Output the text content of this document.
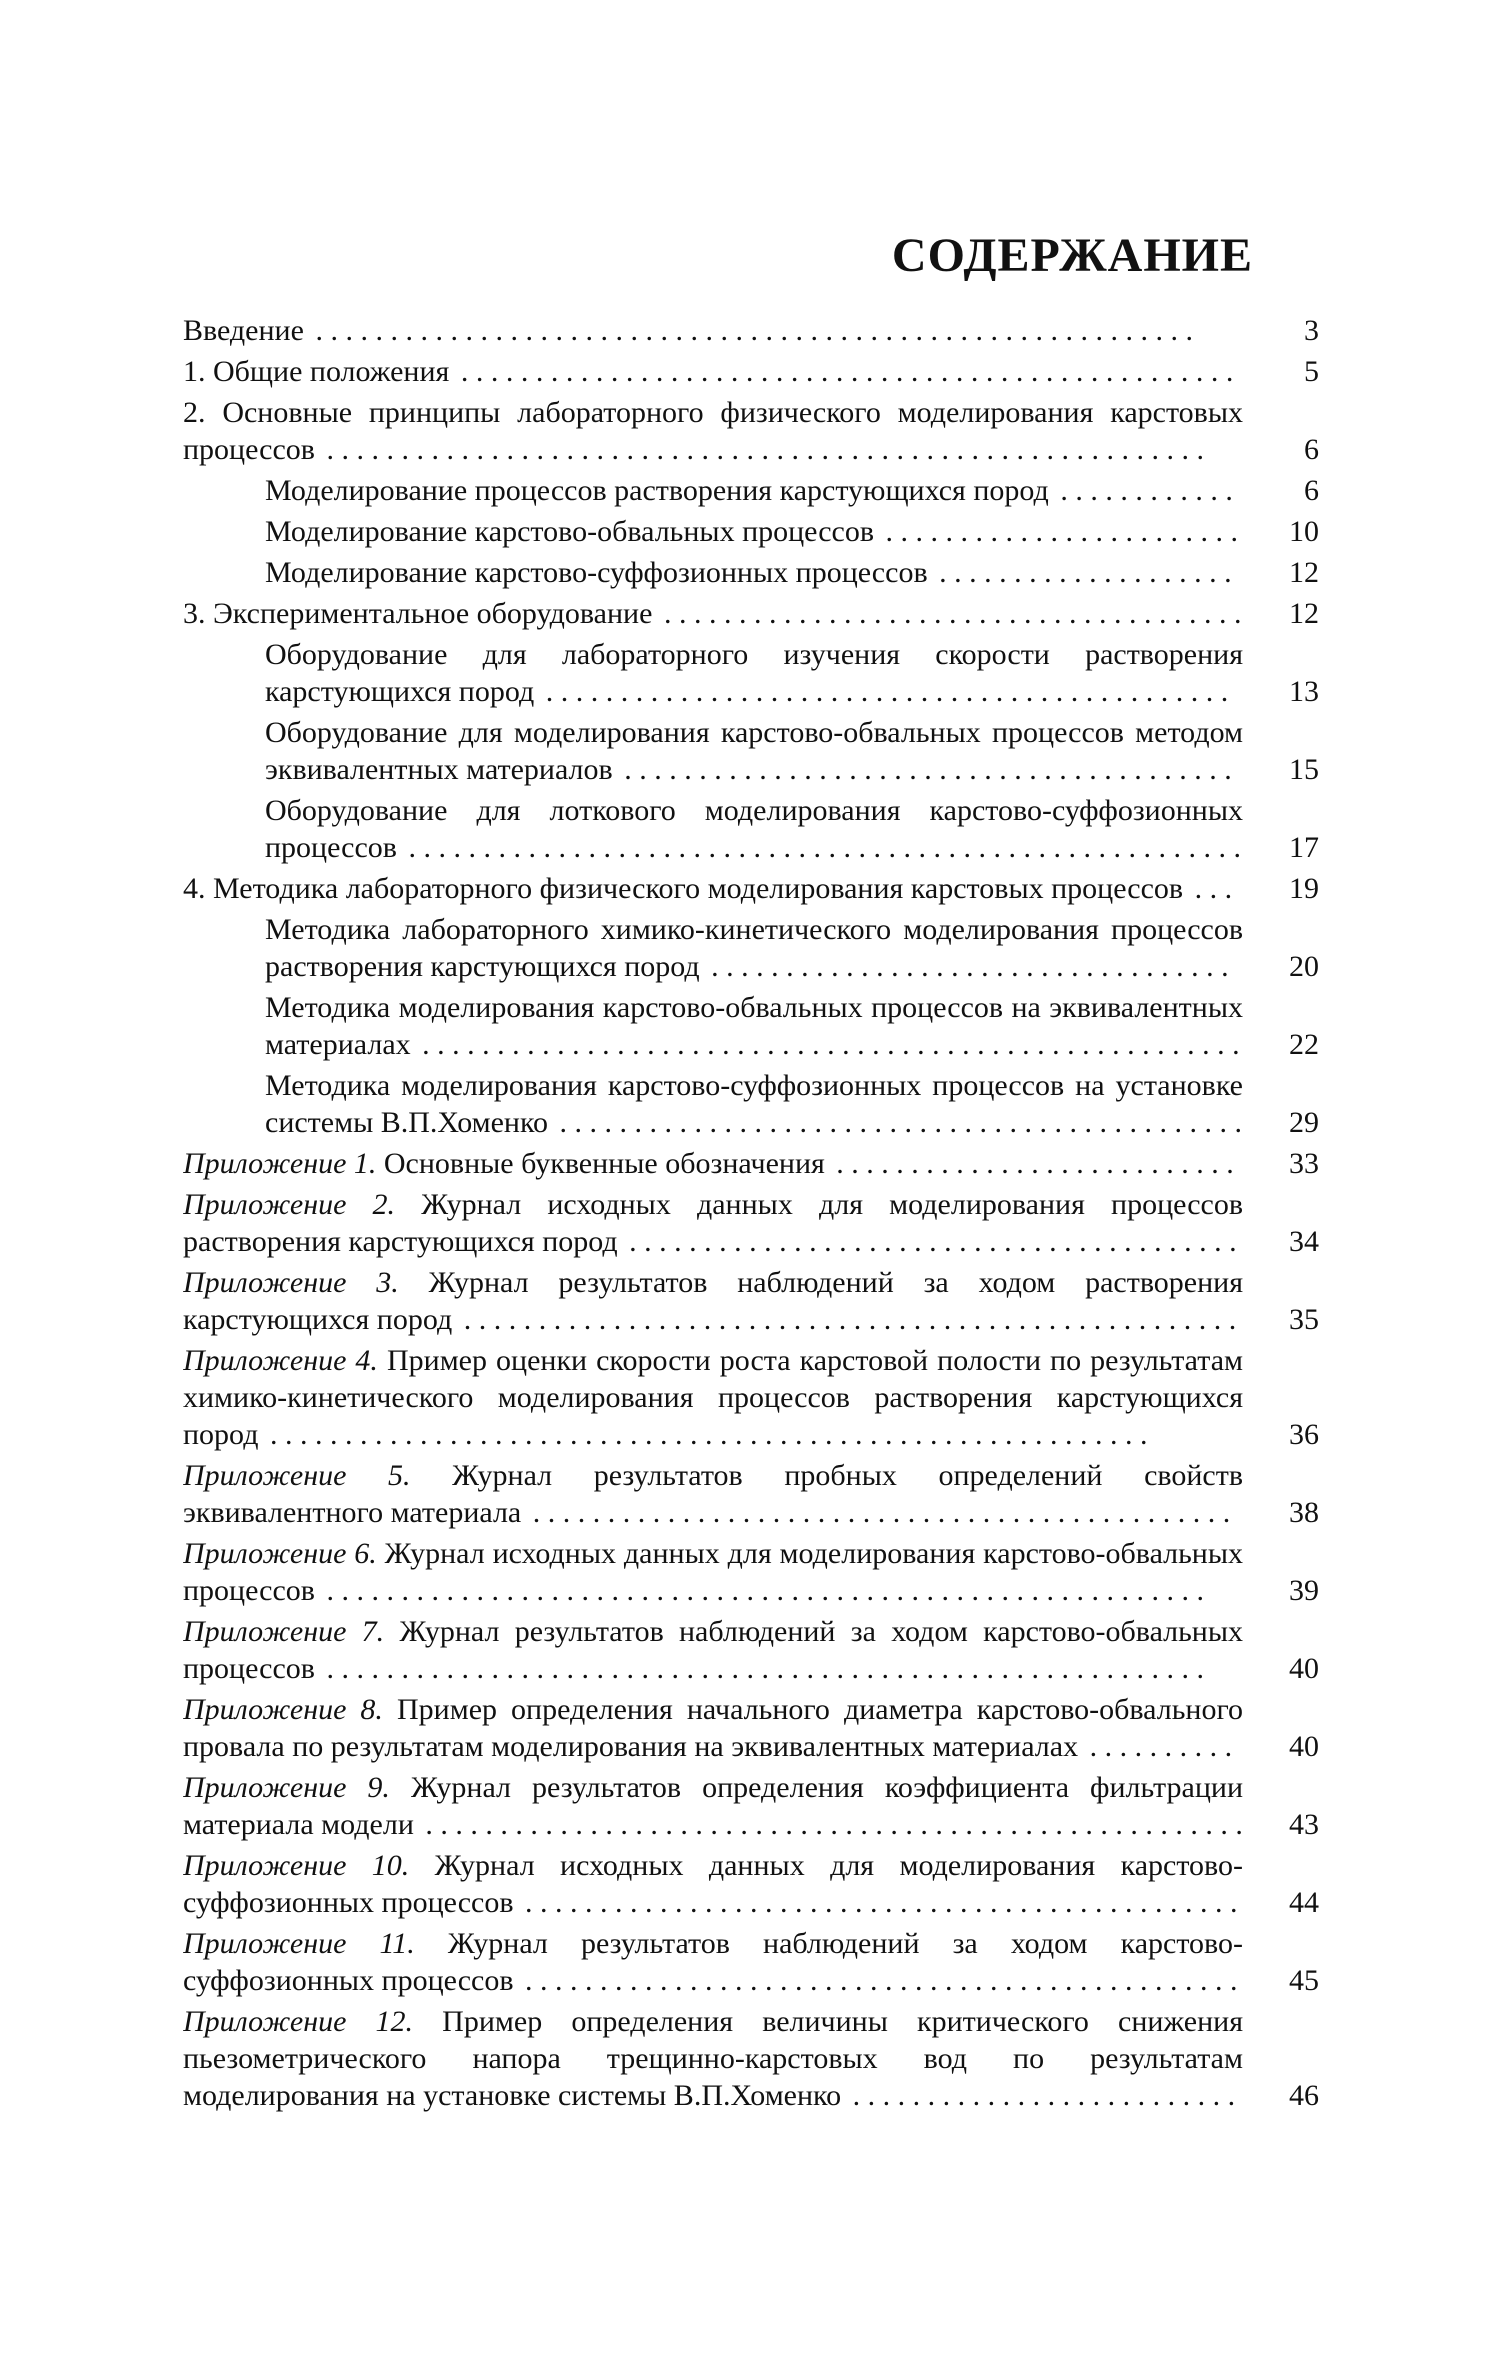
СОДЕРЖАНИЕ
Введение . . . . . . . . . . . . . . . . . . . . . . . . . . . . . . . . . . . . . . . . . . . . . . . . . . . . . . . . . . .	3
1. Общие положения . . . . . . . . . . . . . . . . . . . . . . . . . . . . . . . . . . . . . . . . . . . . . . . . . . . .	5
2. Основные принципы лабораторного физического моделирования карстовых процессов . . . . . . . . . . . . . . . . . . . . . . . . . . . . . . . . . . . . . . . . . . . . . . . . . . . . . . . . . . .	6
Моделирование процессов растворения карстующихся пород . . . . . . . . . . . .	6
Моделирование карстово-обвальных процессов . . . . . . . . . . . . . . . . . . . . . . . .	10
Моделирование карстово-суффозионных процессов . . . . . . . . . . . . . . . . . . . .	12
3. Экспериментальное оборудование . . . . . . . . . . . . . . . . . . . . . . . . . . . . . . . . . . . . . . .	12
Оборудование для лабораторного изучения скорости растворения карстующихся пород . . . . . . . . . . . . . . . . . . . . . . . . . . . . . . . . . . . . . . . . . . . . . .	13
Оборудование для моделирования карстово-обвальных процессов методом эквивалентных материалов . . . . . . . . . . . . . . . . . . . . . . . . . . . . . . . . . . . . . . . . .	15
Оборудование для лоткового моделирования карстово-суффозионных процессов . . . . . . . . . . . . . . . . . . . . . . . . . . . . . . . . . . . . . . . . . . . . . . . . . . . . . . . .	17
4. Методика лабораторного физического моделирования карстовых процессов . . .	19
Методика лабораторного химико-кинетического моделирования процессов растворения карстующихся пород . . . . . . . . . . . . . . . . . . . . . . . . . . . . . . . . . . .	20
Методика моделирования карстово-обвальных процессов на эквивалентных материалах . . . . . . . . . . . . . . . . . . . . . . . . . . . . . . . . . . . . . . . . . . . . . . . . . . . . . . .	22
Методика моделирования карстово-суффозионных процессов на установке системы В.П.Хоменко . . . . . . . . . . . . . . . . . . . . . . . . . . . . . . . . . . . . . . . . . . . . . .	29
Приложение 1. Основные буквенные обозначения . . . . . . . . . . . . . . . . . . . . . . . . . . .	33
Приложение 2. Журнал исходных данных для моделирования процессов растворения карстующихся пород . . . . . . . . . . . . . . . . . . . . . . . . . . . . . . . . . . . . . . . . .	34
Приложение 3. Журнал результатов наблюдений за ходом растворения карстующихся пород . . . . . . . . . . . . . . . . . . . . . . . . . . . . . . . . . . . . . . . . . . . . . . . . . . . .	35
Приложение 4. Пример оценки скорости роста карстовой полости по результатам химико-кинетического моделирования процессов растворения карстующихся пород . . . . . . . . . . . . . . . . . . . . . . . . . . . . . . . . . . . . . . . . . . . . . . . . . . . . . . . . . . .	36
Приложение 5. Журнал результатов пробных определений свойств эквивалентного материала . . . . . . . . . . . . . . . . . . . . . . . . . . . . . . . . . . . . . . . . . . . . . . .	38
Приложение 6. Журнал исходных данных для моделирования карстово-обвальных процессов . . . . . . . . . . . . . . . . . . . . . . . . . . . . . . . . . . . . . . . . . . . . . . . . . . . . . . . . . . .	39
Приложение 7. Журнал результатов наблюдений за ходом карстово-обвальных процессов . . . . . . . . . . . . . . . . . . . . . . . . . . . . . . . . . . . . . . . . . . . . . . . . . . . . . . . . . . .	40
Приложение 8. Пример определения начального диаметра карстово-обвального провала по результатам моделирования на эквивалентных материалах . . . . . . . . . .	40
Приложение 9. Журнал результатов определения коэффициента фильтрации материала модели . . . . . . . . . . . . . . . . . . . . . . . . . . . . . . . . . . . . . . . . . . . . . . . . . . . . . . .	43
Приложение 10. Журнал исходных данных для моделирования карстово-суффозионных процессов . . . . . . . . . . . . . . . . . . . . . . . . . . . . . . . . . . . . . . . . . . . . . . . .	44
Приложение 11. Журнал результатов наблюдений за ходом карстово-суффозионных процессов . . . . . . . . . . . . . . . . . . . . . . . . . . . . . . . . . . . . . . . . . . . . . . . .	45
Приложение 12. Пример определения величины критического снижения пьезометрического напора трещинно-карстовых вод по результатам моделирования на установке системы В.П.Хоменко . . . . . . . . . . . . . . . . . . . . . . . . . .	46
